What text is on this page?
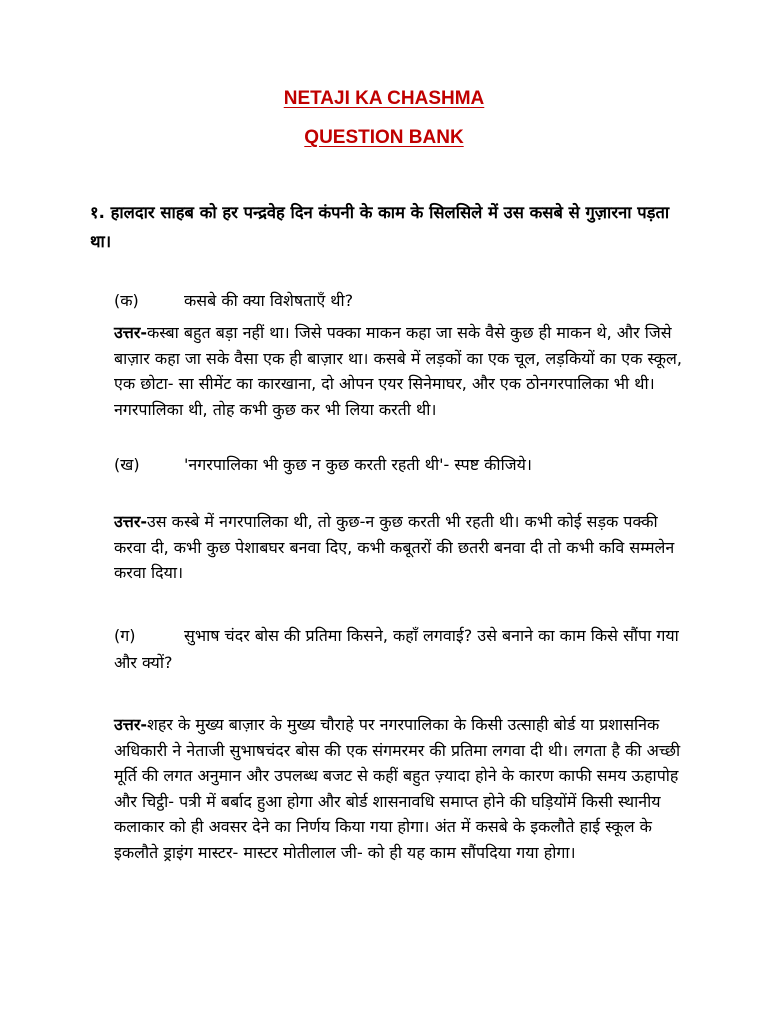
NETAJI KA CHASHMA
QUESTION BANK
१. हालदार साहब को हर पन्द्रवेह दिन कंपनी के काम के सिलसिले में उस कसबे से गुज़ारना पड़ता था।
(क)	कसबे की क्या विशेषताएँ थी?
उत्तर-कस्बा बहुत बड़ा नहीं था। जिसे पक्का माकन कहा जा सके वैसे कुछ ही माकन थे, और जिसे बाज़ार कहा जा सके वैसा एक ही बाज़ार था। कसबे में लड़कों का एक चूल, लड़कियों का एक स्कूल, एक छोटा- सा सीमेंट का कारखाना, दो ओपन एयर सिनेमाघर, और एक ठोनगरपालिका भी थी। नगरपालिका थी, तोह कभी कुछ कर भी लिया करती थी।
(ख)	'नगरपालिका भी कुछ न कुछ करती रहती थी'- स्पष्ट कीजिये।
उत्तर-उस कस्बे में नगरपालिका थी, तो कुछ-न कुछ करती भी रहती थी। कभी कोई सड़क पक्की करवा दी, कभी कुछ पेशाबघर बनवा दिए, कभी कबूतरों की छतरी बनवा दी तो कभी कवि सम्मलेन करवा दिया।
(ग)	सुभाष चंदर बोस की प्रतिमा किसने, कहाँ लगवाई? उसे बनाने का काम किसे सौंपा गया और क्यों?
उत्तर-शहर के मुख्य बाज़ार के मुख्य चौराहे पर नगरपालिका के किसी उत्साही बोर्ड या प्रशासनिक अधिकारी ने नेताजी सुभाषचंदर बोस की एक संगमरमर की प्रतिमा लगवा दी थी। लगता है की अच्छी मूर्ति की लगत अनुमान और उपलब्ध बजट से कहीं बहुत ज़्यादा होने के कारण काफी समय ऊहापोह और चिट्ठी- पत्री में बर्बाद हुआ होगा और बोर्ड शासनावधि समाप्त होने की घड़ियोंमें किसी स्थानीय कलाकार को ही अवसर देने का निर्णय किया गया होगा। अंत में कसबे के इकलौते हाई स्कूल के इकलौते ड्राइंग मास्टर- मास्टर मोतीलाल जी- को ही यह काम सौंपदिया गया होगा।
